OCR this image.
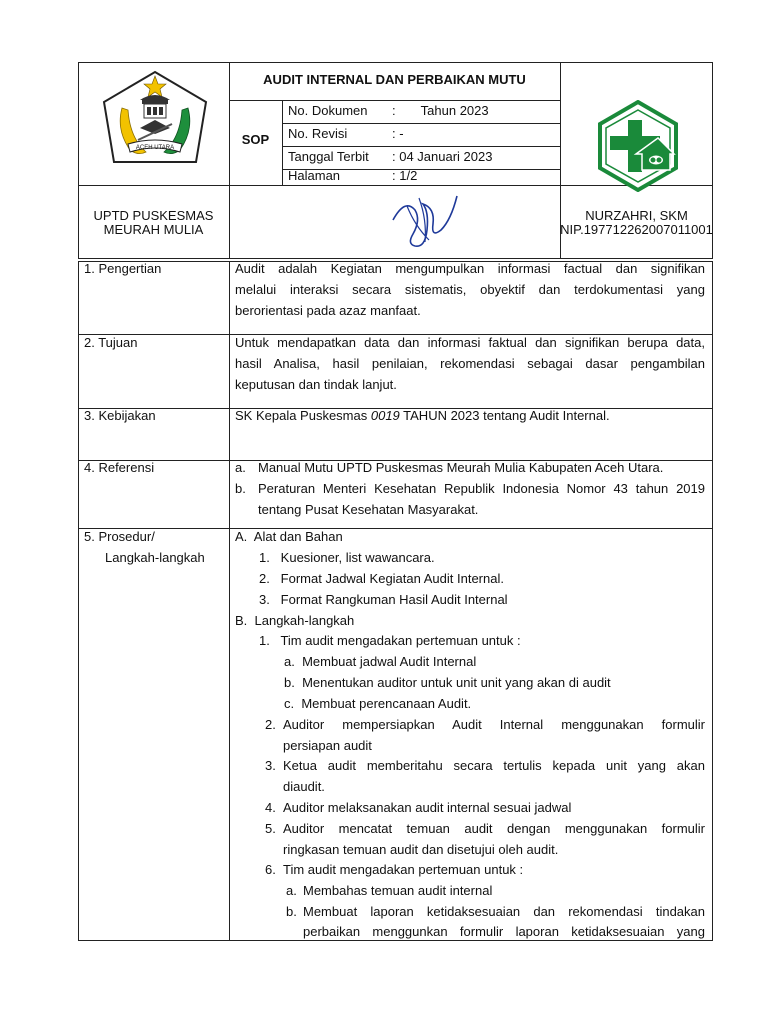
ACEH UTARA
AUDIT INTERNAL DAN PERBAIKAN MUTU
SOP
No. Dokumen :       Tahun 2023
No. Revisi	: -
Tanggal Terbit : 04 Januari 2023
Halaman	: 1/2
UPTD PUSKESMAS
MEURAH MULIA
NURZAHRI, SKM
NIP.197712262007011001
1. Pengertian	Audit adalah Kegiatan mengumpulkan informasi factual dan signifikan
melalui interaksi secara sistematis, obyektif dan terdokumentasi yang
berorientasi pada azaz manfaat.
2. Tujuan	Untuk mendapatkan data dan informasi faktual dan signifikan berupa data,
hasil Analisa, hasil penilaian, rekomendasi sebagai dasar pengambilan
keputusan dan tindak lanjut.
3. Kebijakan	SK Kepala Puskesmas 0019 TAHUN 2023 tentang Audit Internal.
4. Referensi	a. Manual Mutu UPTD Puskesmas Meurah Mulia Kabupaten Aceh Utara.
b. Peraturan Menteri Kesehatan Republik Indonesia Nomor 43 tahun 2019
tentang Pusat Kesehatan Masyarakat.
5. Prosedur/
Langkah-langkah
A.  Alat dan Bahan
1.   Kuesioner, list wawancara.
2.   Format Jadwal Kegiatan Audit Internal.
3.   Format Rangkuman Hasil Audit Internal
B.  Langkah-langkah
1.   Tim audit mengadakan pertemuan untuk :
a.  Membuat jadwal Audit Internal
b.  Menentukan auditor untuk unit unit yang akan di audit
c.  Membuat perencanaan Audit.
2. Auditor mempersiapkan Audit Internal menggunakan formulir
persiapan audit
3. Ketua audit memberitahu secara tertulis kepada unit yang akan
diaudit.
4. Auditor melaksanakan audit internal sesuai jadwal
5. Auditor mencatat temuan audit dengan menggunakan formulir
ringkasan temuan audit dan disetujui oleh audit.
6. Tim audit mengadakan pertemuan untuk :
a. Membahas temuan audit internal
b. Membuat laporan ketidaksesuaian dan rekomendasi tindakan
perbaikan menggunkan formulir laporan ketidaksesuaian yang
